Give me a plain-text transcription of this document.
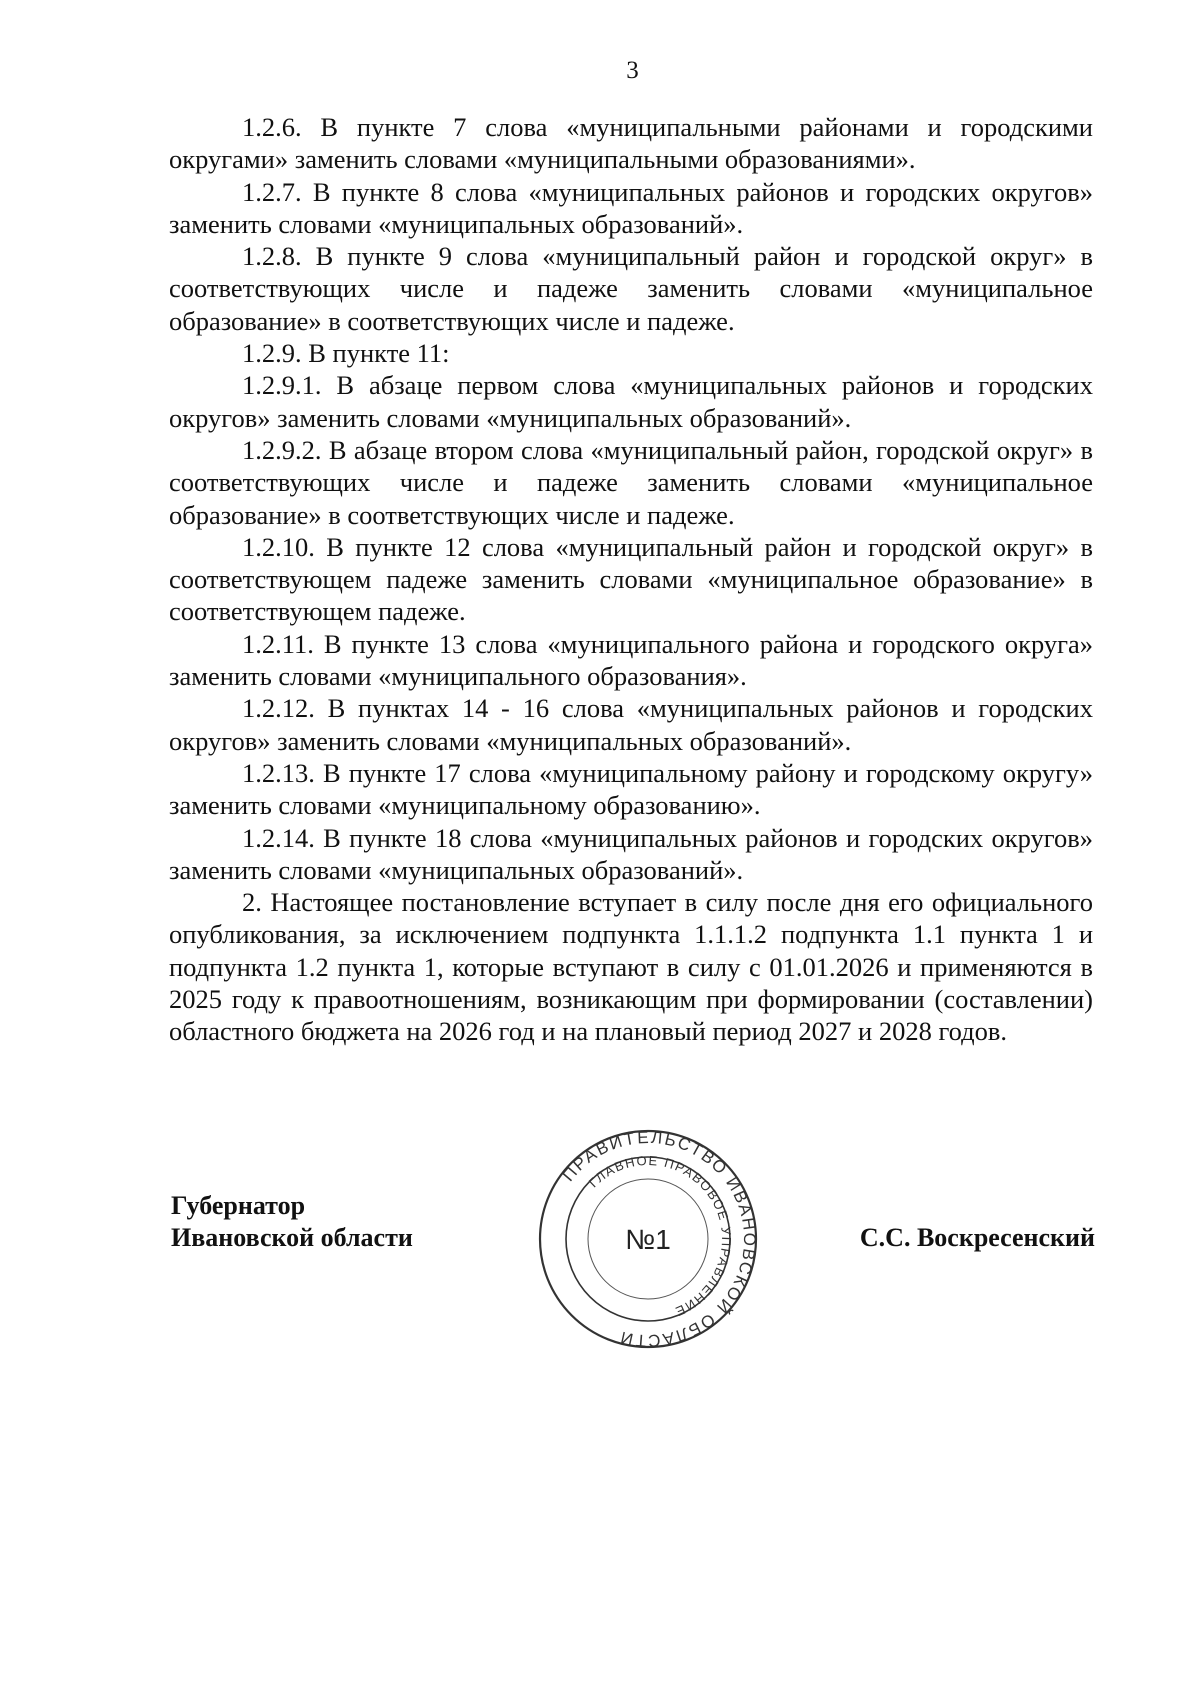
3

1.2.6. В пункте 7 слова «муниципальными районами и городскими округами» заменить словами «муниципальными образованиями».

1.2.7. В пункте 8 слова «муниципальных районов и городских округов» заменить словами «муниципальных образований».

1.2.8. В пункте 9 слова «муниципальный район и городской округ» в соответствующих числе и падеже заменить словами «муниципальное образование» в соответствующих числе и падеже.

1.2.9. В пункте 11:

1.2.9.1. В абзаце первом слова «муниципальных районов и городских округов» заменить словами «муниципальных образований».

1.2.9.2. В абзаце втором слова «муниципальный район, городской округ» в соответствующих числе и падеже заменить словами «муниципальное образование» в соответствующих числе и падеже.

1.2.10. В пункте 12 слова «муниципальный район и городской округ» в соответствующем падеже заменить словами «муниципальное образование» в соответствующем падеже.

1.2.11. В пункте 13 слова «муниципального района и городского округа» заменить словами «муниципального образования».

1.2.12. В пунктах 14 - 16 слова «муниципальных районов и городских округов» заменить словами «муниципальных образований».

1.2.13. В пункте 17 слова «муниципальному району и городскому округу» заменить словами «муниципальному образованию».

1.2.14. В пункте 18 слова «муниципальных районов и городских округов» заменить словами «муниципальных образований».

2. Настоящее постановление вступает в силу после дня его официального опубликования, за исключением подпункта 1.1.1.2 подпункта 1.1 пункта 1 и подпункта 1.2 пункта 1, которые вступают в силу с 01.01.2026 и применяются в 2025 году к правоотношениям, возникающим при формировании (составлении) областного бюджета на 2026 год и на плановый период 2027 и 2028 годов.

Губернатор
Ивановской области	С.С. Воскресенский
ПРАВИТЕЛЬСТВО ИВАНОВСКОЙ ОБЛАСТИ
ГЛАВНОЕ ПРАВОВОЕ УПРАВЛЕНИЕ
№1
